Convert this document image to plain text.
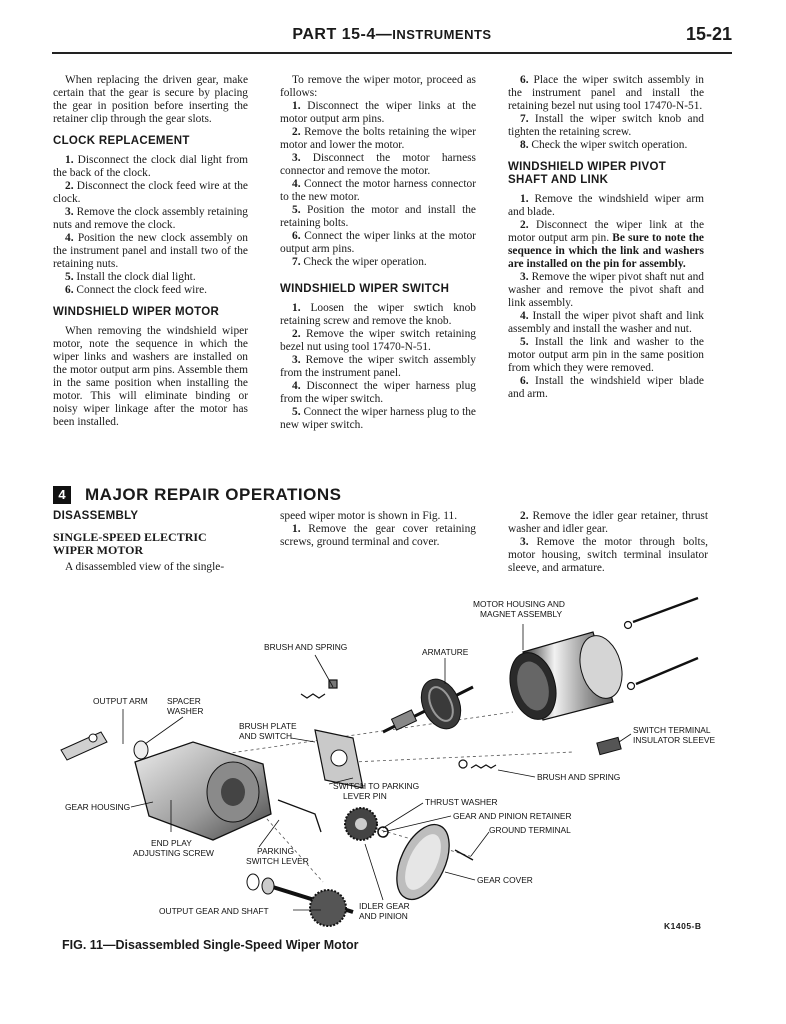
PART 15-4—INSTRUMENTS	15-21

When replacing the driven gear, make certain that the gear is secure by placing the gear in position before inserting the retainer clip through the gear slots.

CLOCK REPLACEMENT

1. Disconnect the clock dial light from the back of the clock.

2. Disconnect the clock feed wire at the clock.

3. Remove the clock assembly retaining nuts and remove the clock.

4. Position the new clock assembly on the instrument panel and install two of the retaining nuts.

5. Install the clock dial light.

6. Connect the clock feed wire.

WINDSHIELD WIPER MOTOR

When removing the windshield wiper motor, note the sequence in which the wiper links and washers are installed on the motor output arm pins. Assemble them in the same position when installing the motor. This will eliminate binding or noisy wiper linkage after the motor has been installed.

To remove the wiper motor, proceed as follows:

1. Disconnect the wiper links at the motor output arm pins.

2. Remove the bolts retaining the wiper motor and lower the motor.

3. Disconnect the motor harness connector and remove the motor.

4. Connect the motor harness connector to the new motor.

5. Position the motor and install the retaining bolts.

6. Connect the wiper links at the motor output arm pins.

7. Check the wiper operation.

WINDSHIELD WIPER SWITCH

1. Loosen the wiper swtich knob retaining screw and remove the knob.

2. Remove the wiper switch retaining bezel nut using tool 17470-N-51.

3. Remove the wiper switch assembly from the instrument panel.

4. Disconnect the wiper harness plug from the wiper switch.

5. Connect the wiper harness plug to the new wiper switch.

6. Place the wiper switch assembly in the instrument panel and install the retaining bezel nut using tool 17470-N-51.

7. Install the wiper switch knob and tighten the retaining screw.

8. Check the wiper switch operation.

WINDSHIELD WIPER PIVOT SHAFT AND LINK

1. Remove the windshield wiper arm and blade.

2. Disconnect the wiper link at the motor output arm pin. Be sure to note the sequence in which the link and washers are installed on the pin for assembly.

3. Remove the wiper pivot shaft nut and washer and remove the pivot shaft and link assembly.

4. Install the wiper pivot shaft and link assembly and install the washer and nut.

5. Install the link and washer to the motor output arm pin in the same position from which they were removed.

6. Install the windshield wiper blade and arm.

4	MAJOR REPAIR OPERATIONS
DISASSEMBLY
SINGLE-SPEED ELECTRIC WIPER MOTOR

A disassembled view of the single-

speed wiper motor is shown in Fig. 11.

1. Remove the gear cover retaining screws, ground terminal and cover.

2. Remove the idler gear retainer, thrust washer and idler gear.

3. Remove the motor through bolts, motor housing, switch terminal insulator sleeve, and armature.

MOTOR HOUSING AND
MAGNET ASSEMBLY
BRUSH AND SPRING	ARMATURE
OUTPUT ARM SPACER
WASHER
BRUSH PLATE
AND SWITCH
SWITCH TERMINAL
INSULATOR SLEEVE
BRUSH AND SPRING
SWITCH TO PARKING
LEVER PIN
THRUST WASHER
GEAR AND PINION RETAINER
GROUND TERMINAL
GEAR HOUSING
END PLAY
ADJUSTING SCREW	PARKING
SWITCH LEVER
GEAR COVER
OUTPUT GEAR AND SHAFT	IDLER GEAR
AND PINION
K1405-B
FIG. 11—Disassembled Single-Speed Wiper Motor
